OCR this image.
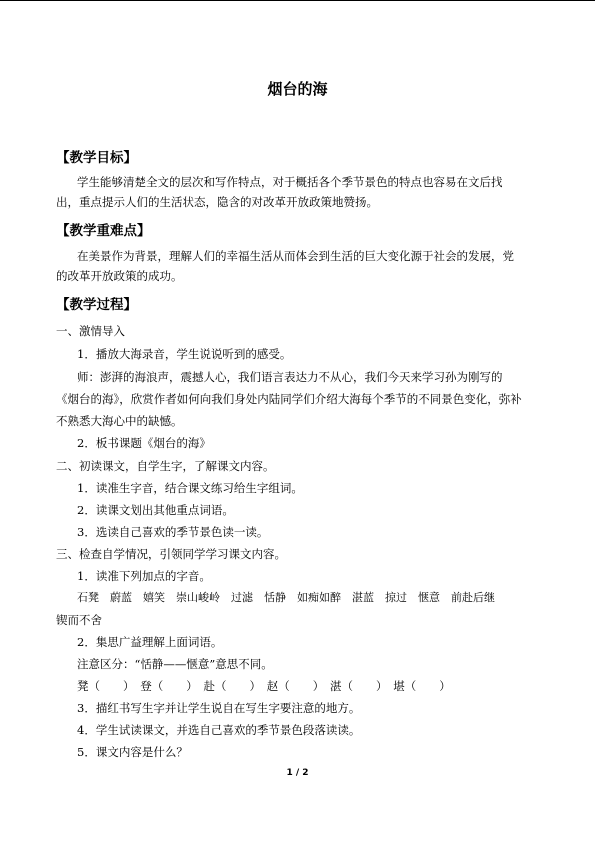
烟台的海
【教学目标】
学生能够清楚全文的层次和写作特点，对于概括各个季节景色的特点也容易在文后找
出，重点提示人们的生活状态，隐含的对改革开放政策地赞扬。
【教学重难点】
在美景作为背景，理解人们的幸福生活从而体会到生活的巨大变化源于社会的发展，党
的改革开放政策的成功。
【教学过程】
一、激情导入
1．播放大海录音，学生说说听到的感受。
师：澎湃的海浪声，震撼人心，我们语言表达力不从心，我们今天来学习孙为刚写的
《烟台的海》，欣赏作者如何向我们身处内陆同学们介绍大海每个季节的不同景色变化，弥补
不熟悉大海心中的缺憾。
2．板书课题《烟台的海》
二、初读课文，自学生字，了解课文内容。
1．读准生字音，结合课文练习给生字组词。
2．读课文划出其他重点词语。
3．选读自己喜欢的季节景色读一读。
三、检查自学情况，引领同学学习课文内容。
1．读准下列加点的字音。
石凳　蔚蓝　嬉笑　崇山峻岭　过滤　恬静　如痴如醉　湛蓝　掠过　惬意　前赴后继
锲而不舍
2．集思广益理解上面词语。
注意区分：“恬静——惬意”意思不同。
凳（　　）　登（　　）　赴（　　）　赵（　　）　湛（　　）　堪（　　）
3．描红书写生字并让学生说自在写生字要注意的地方。
4．学生试读课文，并选自己喜欢的季节景色段落读读。
5．课文内容是什么？
1 / 2
